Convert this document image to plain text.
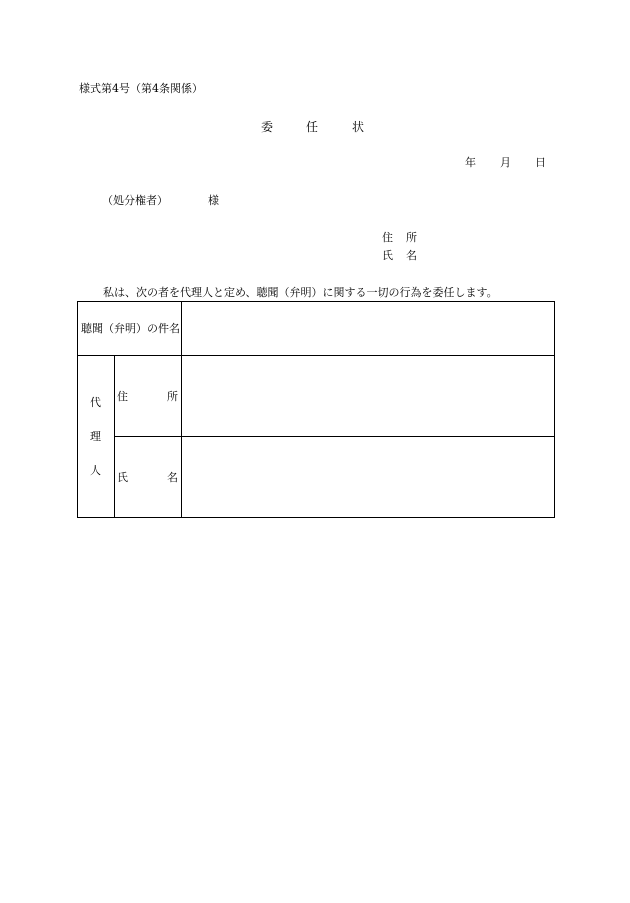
様式第4号（第4条関係）
委	任	状
年 月 日
（処分権者）	様
住 所
氏 名
私は、次の者を代理人と定め、聴聞（弁明）に関する一切の行為を委任します。
聴聞（弁明）の件名
代
理
人
住	所
氏	名
